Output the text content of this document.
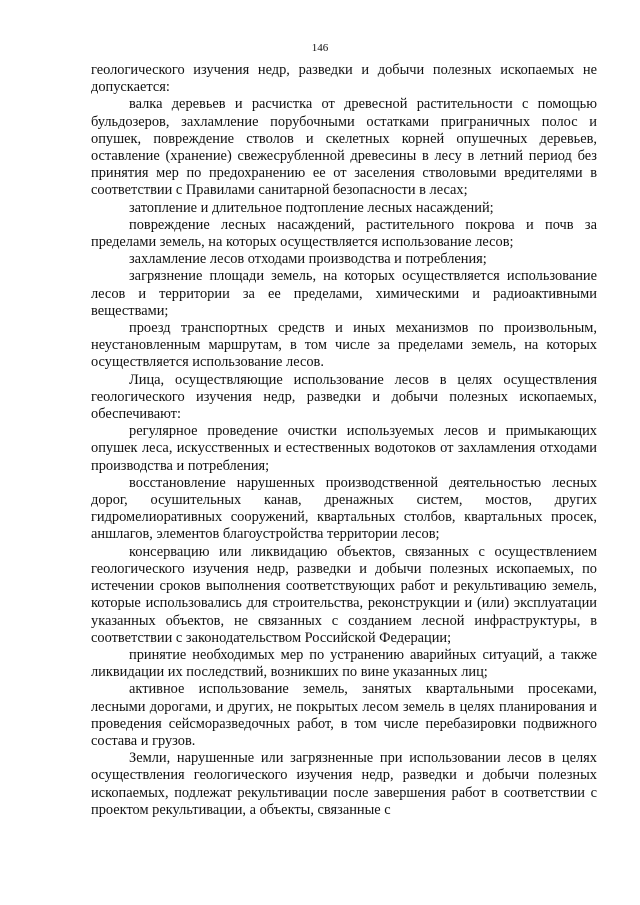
146

геологического изучения недр, разведки и добычи полезных ископаемых не допускается:

валка деревьев и расчистка от древесной растительности с помощью бульдозеров, захламление порубочными остатками приграничных полос и опушек, повреждение стволов и скелетных корней опушечных деревьев, оставление (хранение) свежесрубленной древесины в лесу в летний период без принятия мер по предохранению ее от заселения стволовыми вредителями в соответствии с Правилами санитарной безопасности в лесах;

затопление и длительное подтопление лесных насаждений;

повреждение лесных насаждений, растительного покрова и почв за пределами земель, на которых осуществляется использование лесов;

захламление лесов отходами производства и потребления;

загрязнение площади земель, на которых осуществляется использование лесов и территории за ее пределами, химическими и радиоактивными веществами;

проезд транспортных средств и иных механизмов по произвольным, неустановленным маршрутам, в том числе за пределами земель, на которых осуществляется использование лесов.

Лица, осуществляющие использование лесов в целях осуществления геологического изучения недр, разведки и добычи полезных ископаемых, обеспечивают:

регулярное проведение очистки используемых лесов и примыкающих опушек леса, искусственных и естественных водотоков от захламления отходами производства и потребления;

восстановление нарушенных производственной деятельностью лесных дорог, осушительных канав, дренажных систем, мостов, других гидромелиоративных сооружений, квартальных столбов, квартальных просек, аншлагов, элементов благоустройства территории лесов;

консервацию или ликвидацию объектов, связанных с осуществлением геологического изучения недр, разведки и добычи полезных ископаемых, по истечении сроков выполнения соответствующих работ и рекультивацию земель, которые использовались для строительства, реконструкции и (или) эксплуатации указанных объектов, не связанных с созданием лесной инфраструктуры, в соответствии с законодательством Российской Федерации;

принятие необходимых мер по устранению аварийных ситуаций, а также ликвидации их последствий, возникших по вине указанных лиц;

активное использование земель, занятых квартальными просеками, лесными дорогами, и других, не покрытых лесом земель в целях планирования и проведения сейсморазведочных работ, в том числе перебазировки подвижного состава и грузов.

Земли, нарушенные или загрязненные при использовании лесов в целях осуществления геологического изучения недр, разведки и добычи полезных ископаемых, подлежат рекультивации после завершения работ в соответствии с проектом рекультивации, а объекты, связанные с
